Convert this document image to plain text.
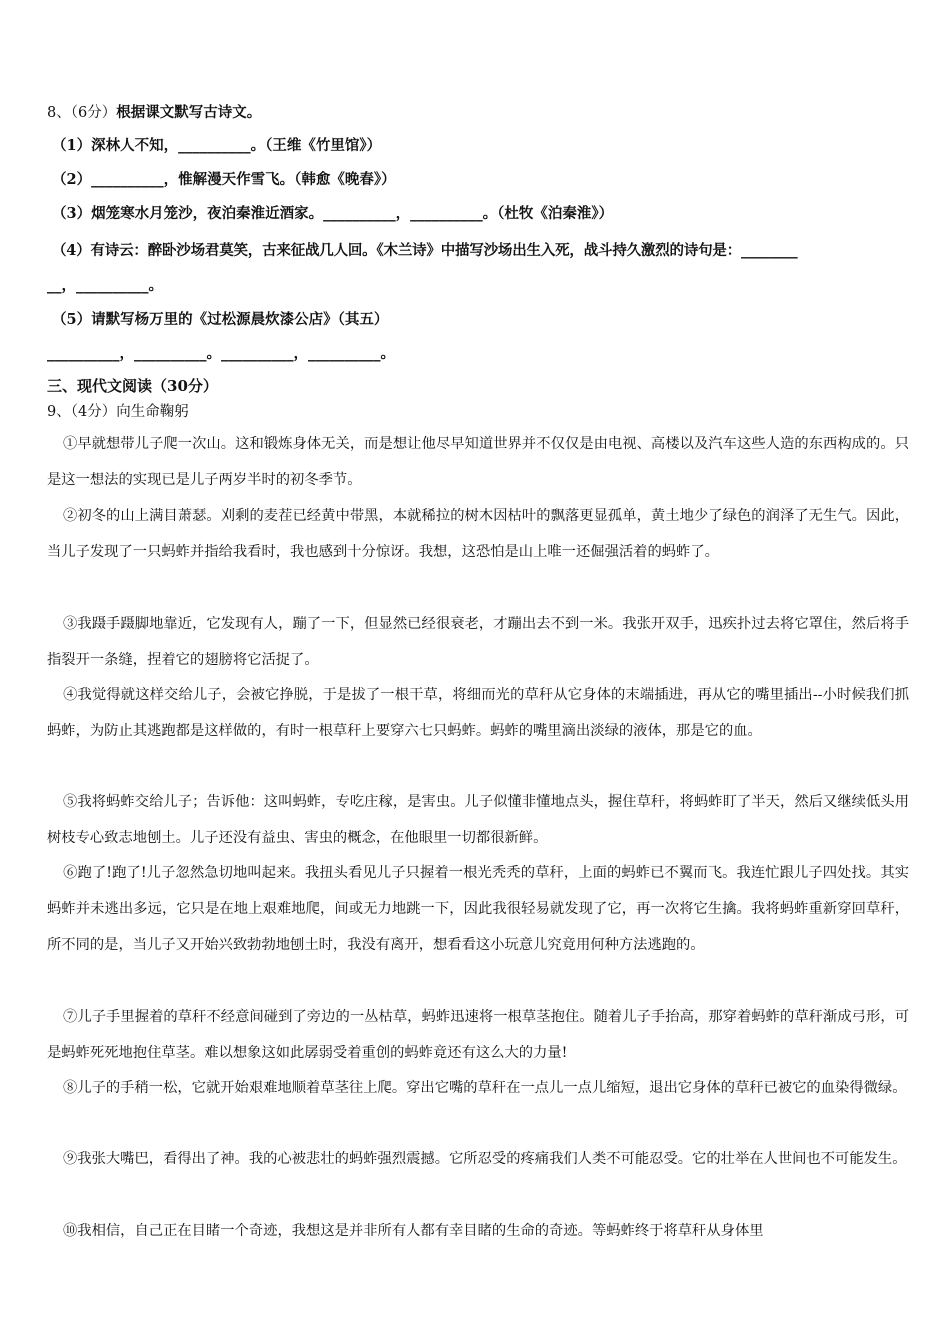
8、（6分）根据课文默写古诗文。
（1）深林人不知，__________。（王维《竹里馆》）
（2）__________，惟解漫天作雪飞。（韩愈《晚春》）
（3）烟笼寒水月笼沙，夜泊秦淮近酒家。__________，__________。（杜牧《泊秦淮》）
（4）有诗云：醉卧沙场君莫笑，古来征战几人回。《木兰诗》中描写沙场出生入死，战斗持久激烈的诗句是：________
__，__________。
（5）请默写杨万里的《过松源晨炊漆公店》（其五）
__________，__________。__________，__________。
三、现代文阅读（30分）
9、（4分）向生命鞠躬
①早就想带儿子爬一次山。这和锻炼身体无关，而是想让他尽早知道世界并不仅仅是由电视、高楼以及汽车这些人造的东西构成的。只是这一想法的实现已是儿子两岁半时的初冬季节。
②初冬的山上满目萧瑟。刈剩的麦茬已经黄中带黑，本就稀拉的树木因枯叶的飘落更显孤单，黄土地少了绿色的润泽了无生气。因此，当儿子发现了一只蚂蚱并指给我看时，我也感到十分惊讶。我想，这恐怕是山上唯一还倔强活着的蚂蚱了。
③我蹑手蹑脚地靠近，它发现有人，蹦了一下，但显然已经很衰老，才蹦出去不到一米。我张开双手，迅疾扑过去将它罩住，然后将手指裂开一条缝，捏着它的翅膀将它活捉了。
④我觉得就这样交给儿子，会被它挣脱，于是拔了一根干草，将细而光的草秆从它身体的末端插进，再从它的嘴里插出--小时候我们抓蚂蚱，为防止其逃跑都是这样做的，有时一根草秆上要穿六七只蚂蚱。蚂蚱的嘴里滴出淡绿的液体，那是它的血。
⑤我将蚂蚱交给儿子；告诉他：这叫蚂蚱，专吃庄稼，是害虫。儿子似懂非懂地点头，握住草秆，将蚂蚱盯了半天，然后又继续低头用树枝专心致志地刨土。儿子还没有益虫、害虫的概念，在他眼里一切都很新鲜。
⑥跑了!跑了!儿子忽然急切地叫起来。我扭头看见儿子只握着一根光秃秃的草秆，上面的蚂蚱已不翼而飞。我连忙跟儿子四处找。其实蚂蚱并未逃出多远，它只是在地上艰难地爬，间或无力地跳一下，因此我很轻易就发现了它，再一次将它生擒。我将蚂蚱重新穿回草秆，所不同的是，当儿子又开始兴致勃勃地刨土时，我没有离开，想看看这小玩意儿究竟用何种方法逃跑的。
⑦儿子手里握着的草秆不经意间碰到了旁边的一丛枯草，蚂蚱迅速将一根草茎抱住。随着儿子手抬高，那穿着蚂蚱的草秆渐成弓形，可是蚂蚱死死地抱住草茎。难以想象这如此孱弱受着重创的蚂蚱竟还有这么大的力量!
⑧儿子的手稍一松，它就开始艰难地顺着草茎往上爬。穿出它嘴的草秆在一点儿一点儿缩短，退出它身体的草秆已被它的血染得微绿。
⑨我张大嘴巴，看得出了神。我的心被悲壮的蚂蚱强烈震撼。它所忍受的疼痛我们人类不可能忍受。它的壮举在人世间也不可能发生。
⑩我相信，自己正在目睹一个奇迹，我想这是并非所有人都有幸目睹的生命的奇迹。等蚂蚱终于将草秆从身体里
